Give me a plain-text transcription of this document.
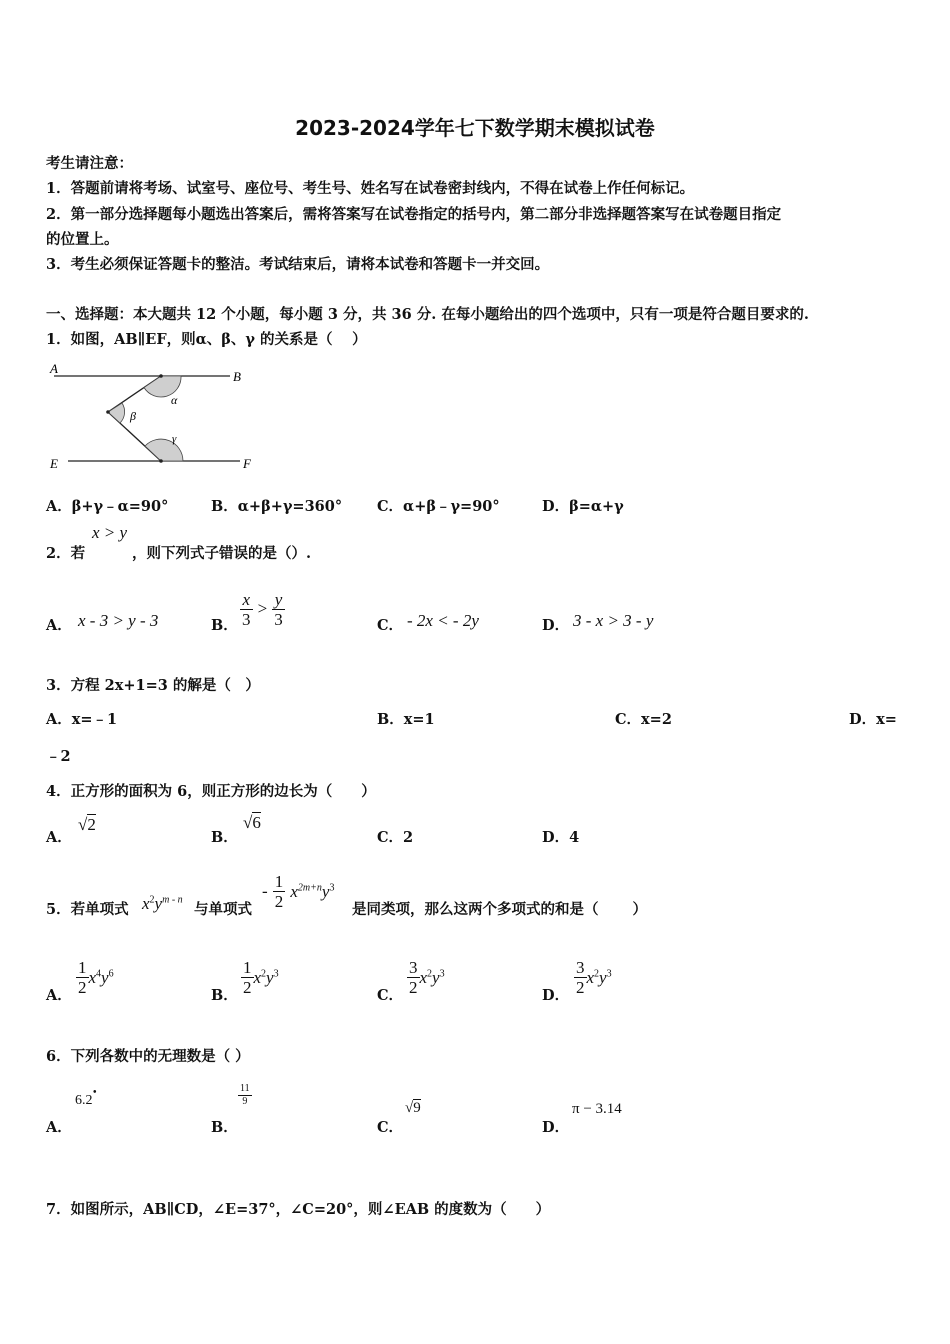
2023-2024学年七下数学期末模拟试卷
考生请注意：
1．答题前请将考场、试室号、座位号、考生号、姓名写在试卷密封线内，不得在试卷上作任何标记。
2．第一部分选择题每小题选出答案后，需将答案写在试卷指定的括号内，第二部分非选择题答案写在试卷题目指定
的位置上。
3．考生必须保证答题卡的整洁。考试结束后，请将本试卷和答题卡一并交回。
一、选择题：本大题共 12 个小题，每小题 3 分，共 36 分. 在每小题给出的四个选项中，只有一项是符合题目要求的.
1．如图，AB∥EF，则α、β、γ 的关系是（　 ）
A
B
E	F
α
β
γ
A．β+γ﹣α=90°	B．α+β+γ=360° C．α+β﹣γ=90°	D．β=α+γ
2．若
x > y
，则下列式子错误的是（）.
A． x - 3 > y - 3	B． $\frac{x}{3} > \frac{y}{3}$	C． - 2x < - 2y	D． 3 - x > 3 - y
3．方程 2x+1=3 的解是（　）
A．x=﹣1	B．x=1	C．x=2	D．x=
﹣2
4．正方形的面积为 6，则正方形的边长为（　　）
A．
√2
B．
√6
C．2	D．4
5．若单项式 $x^2y^{m - n}$
与单项式
- $\frac{1}{2} x^{2m+n}y^3$
是同类项，那么这两个多项式的和是（　　 ）
A． $\frac{1}{2} x^4y^6$
B． $\frac{1}{2} x^2y^3$
C． $\frac{3}{2} x^2y^3$
D． $\frac{3}{2} x^2y^3$
6．下列各数中的无理数是（ ）
A．
6.2
•
B．
$\frac{11}{9}$
C．
√9
D．
π − 3.14
7．如图所示，AB∥CD，∠E=37°，∠C=20°，则∠EAB 的度数为（　　）
